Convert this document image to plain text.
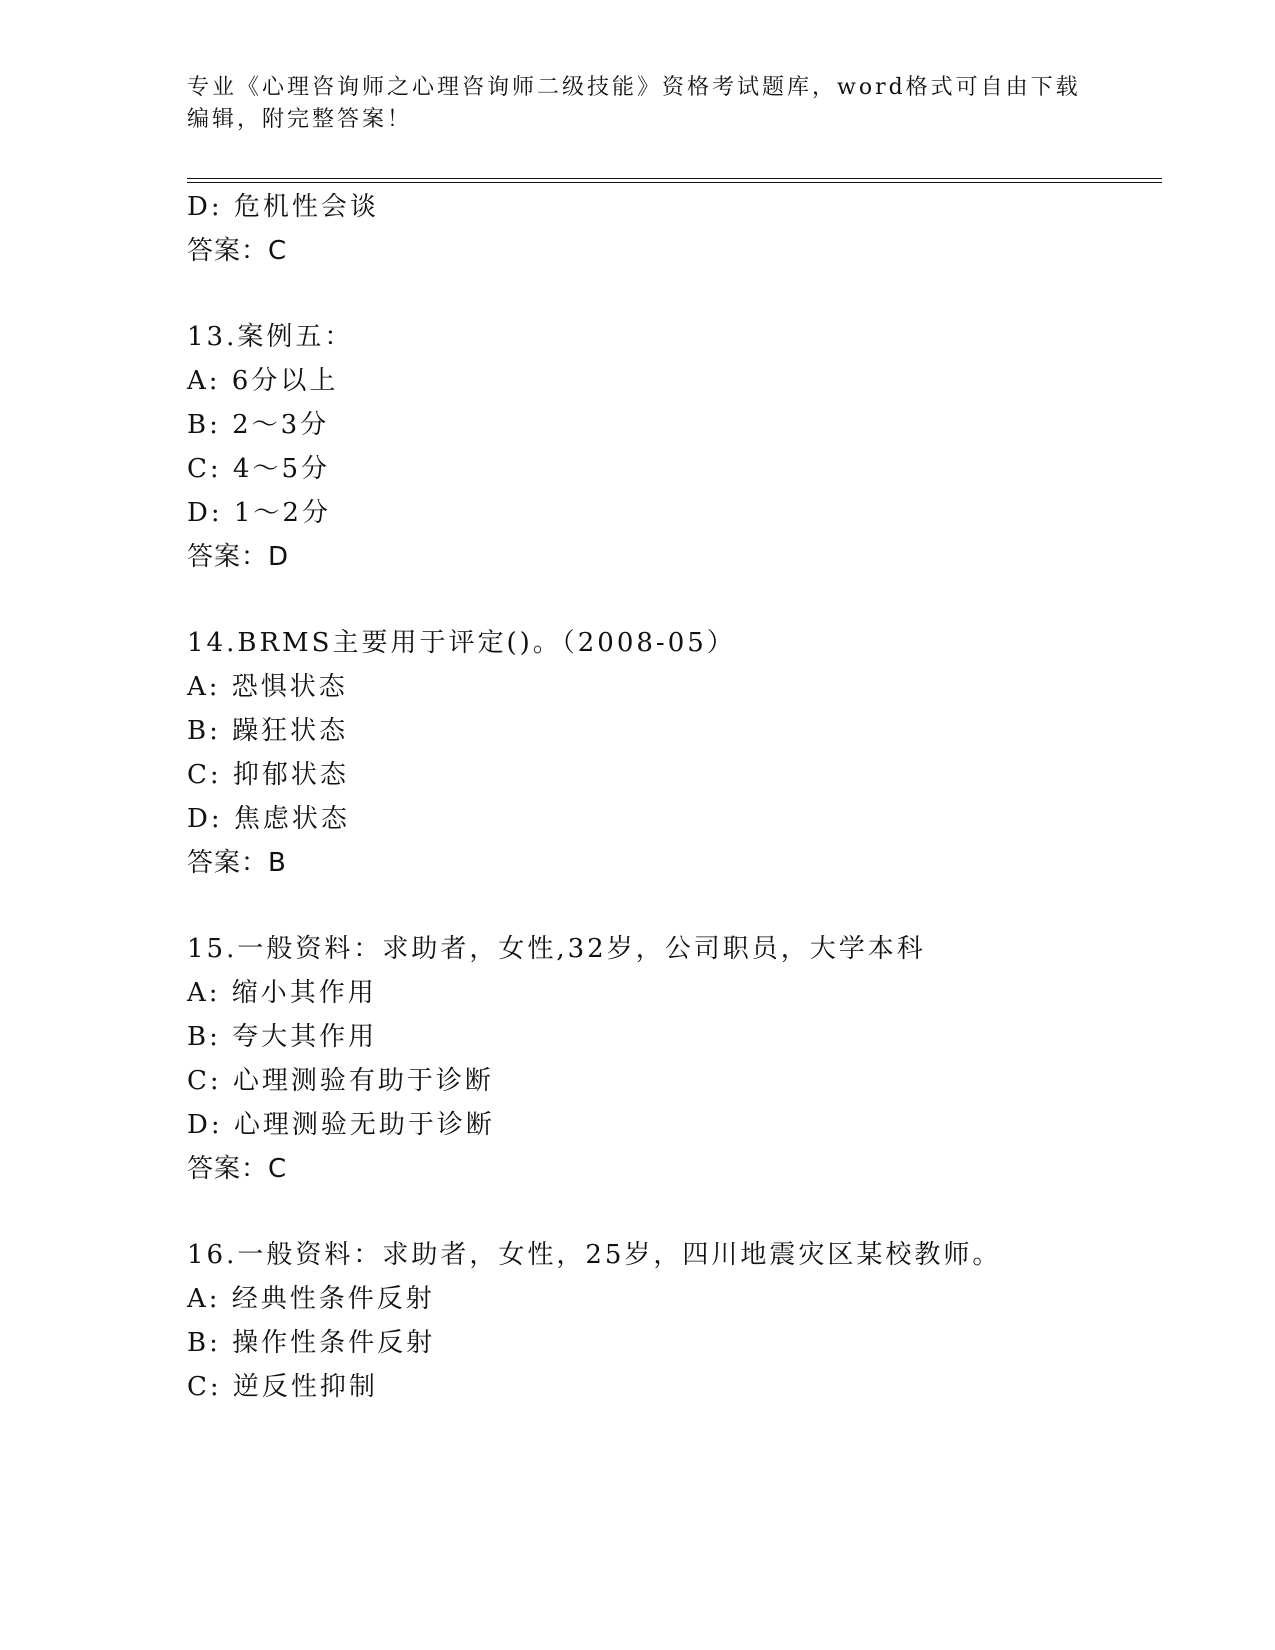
专业《心理咨询师之心理咨询师二级技能》资格考试题库，word格式可自由下载
编辑，附完整答案！
D: 危机性会谈
答案：C
13.案例五：
A: 6分以上
B: 2～3分
C: 4～5分
D: 1～2分
答案：D
14.BRMS主要用于评定()。（2008-05）
A: 恐惧状态
B: 躁狂状态
C: 抑郁状态
D: 焦虑状态
答案：B
15.一般资料：求助者，女性,32岁，公司职员，大学本科
A: 缩小其作用
B: 夸大其作用
C: 心理测验有助于诊断
D: 心理测验无助于诊断
答案：C
16.一般资料：求助者，女性，25岁，四川地震灾区某校教师。
A: 经典性条件反射
B: 操作性条件反射
C: 逆反性抑制
